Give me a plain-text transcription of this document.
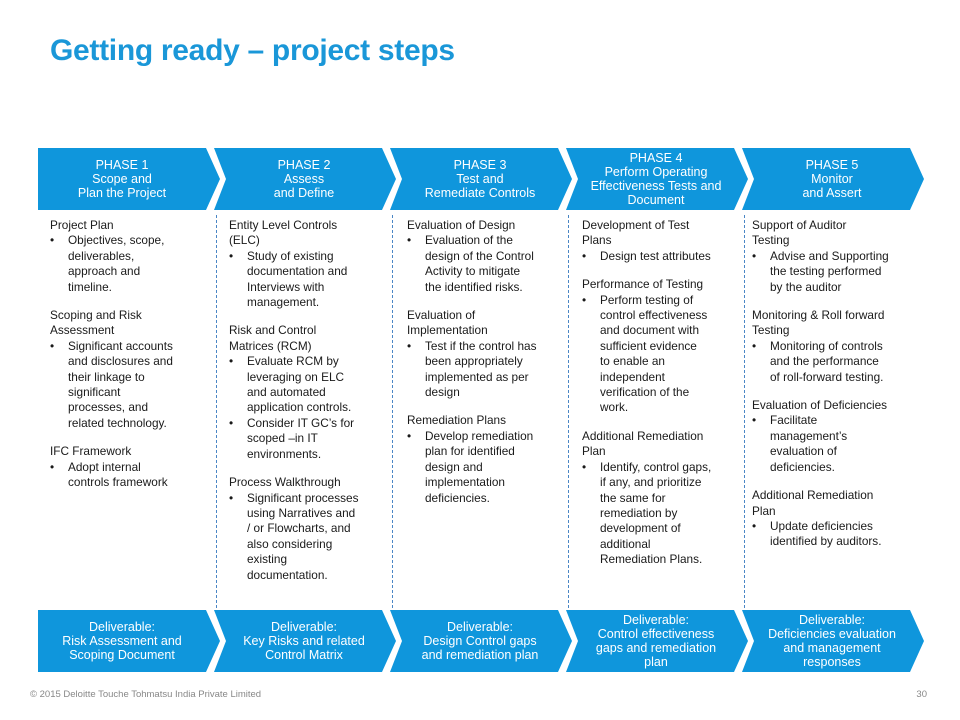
Getting ready – project steps
PHASE 1
Scope and
Plan the Project
PHASE 2
Assess
and Define
PHASE 3
Test and
Remediate Controls
PHASE 4
Perform Operating
Effectiveness Tests and
Document
PHASE 5
Monitor
and Assert
Project Plan
• Objectives, scope,
deliverables,
approach and
timeline.
Scoping and Risk
Assessment
• Significant accounts
and disclosures and
their linkage to
significant
processes, and
related technology.
IFC Framework
• Adopt internal
controls framework
Entity Level Controls
(ELC)
• Study of existing
documentation and
Interviews with
management.
Risk and Control
Matrices (RCM)
• Evaluate RCM by
leveraging on ELC
and automated
application controls.
• Consider IT GC’s for
scoped –in IT
environments.
Process Walkthrough
• Significant processes
using Narratives and
/ or Flowcharts, and
also considering
existing
documentation.
Evaluation of Design
• Evaluation of the
design of the Control
Activity to mitigate
the identified risks.
Evaluation of
Implementation
• Test if the control has
been appropriately
implemented as per
design
Remediation Plans
• Develop remediation
plan for identified
design and
implementation
deficiencies.
Development of Test
Plans
• Design test attributes
Performance of Testing
• Perform testing of
control effectiveness
and document with
sufficient evidence
to enable an
independent
verification of the
work.
Additional Remediation
Plan
• Identify, control gaps,
if any, and prioritize
the same for
remediation by
development of
additional
Remediation Plans.
Support of Auditor
Testing
• Advise and Supporting
the testing performed
by the auditor
Monitoring & Roll forward
Testing
• Monitoring of controls
and the performance
of roll-forward testing.
Evaluation of Deficiencies
• Facilitate
management’s
evaluation of
deficiencies.
Additional Remediation
Plan
• Update deficiencies
identified by auditors.
Deliverable:
Risk Assessment and
Scoping Document
Deliverable:
Key Risks and related
Control Matrix
Deliverable:
Design Control gaps
and remediation plan
Deliverable:
Control effectiveness
gaps and remediation
plan
Deliverable:
Deficiencies evaluation
and management
responses
© 2015 Deloitte Touche Tohmatsu India Private Limited	30
